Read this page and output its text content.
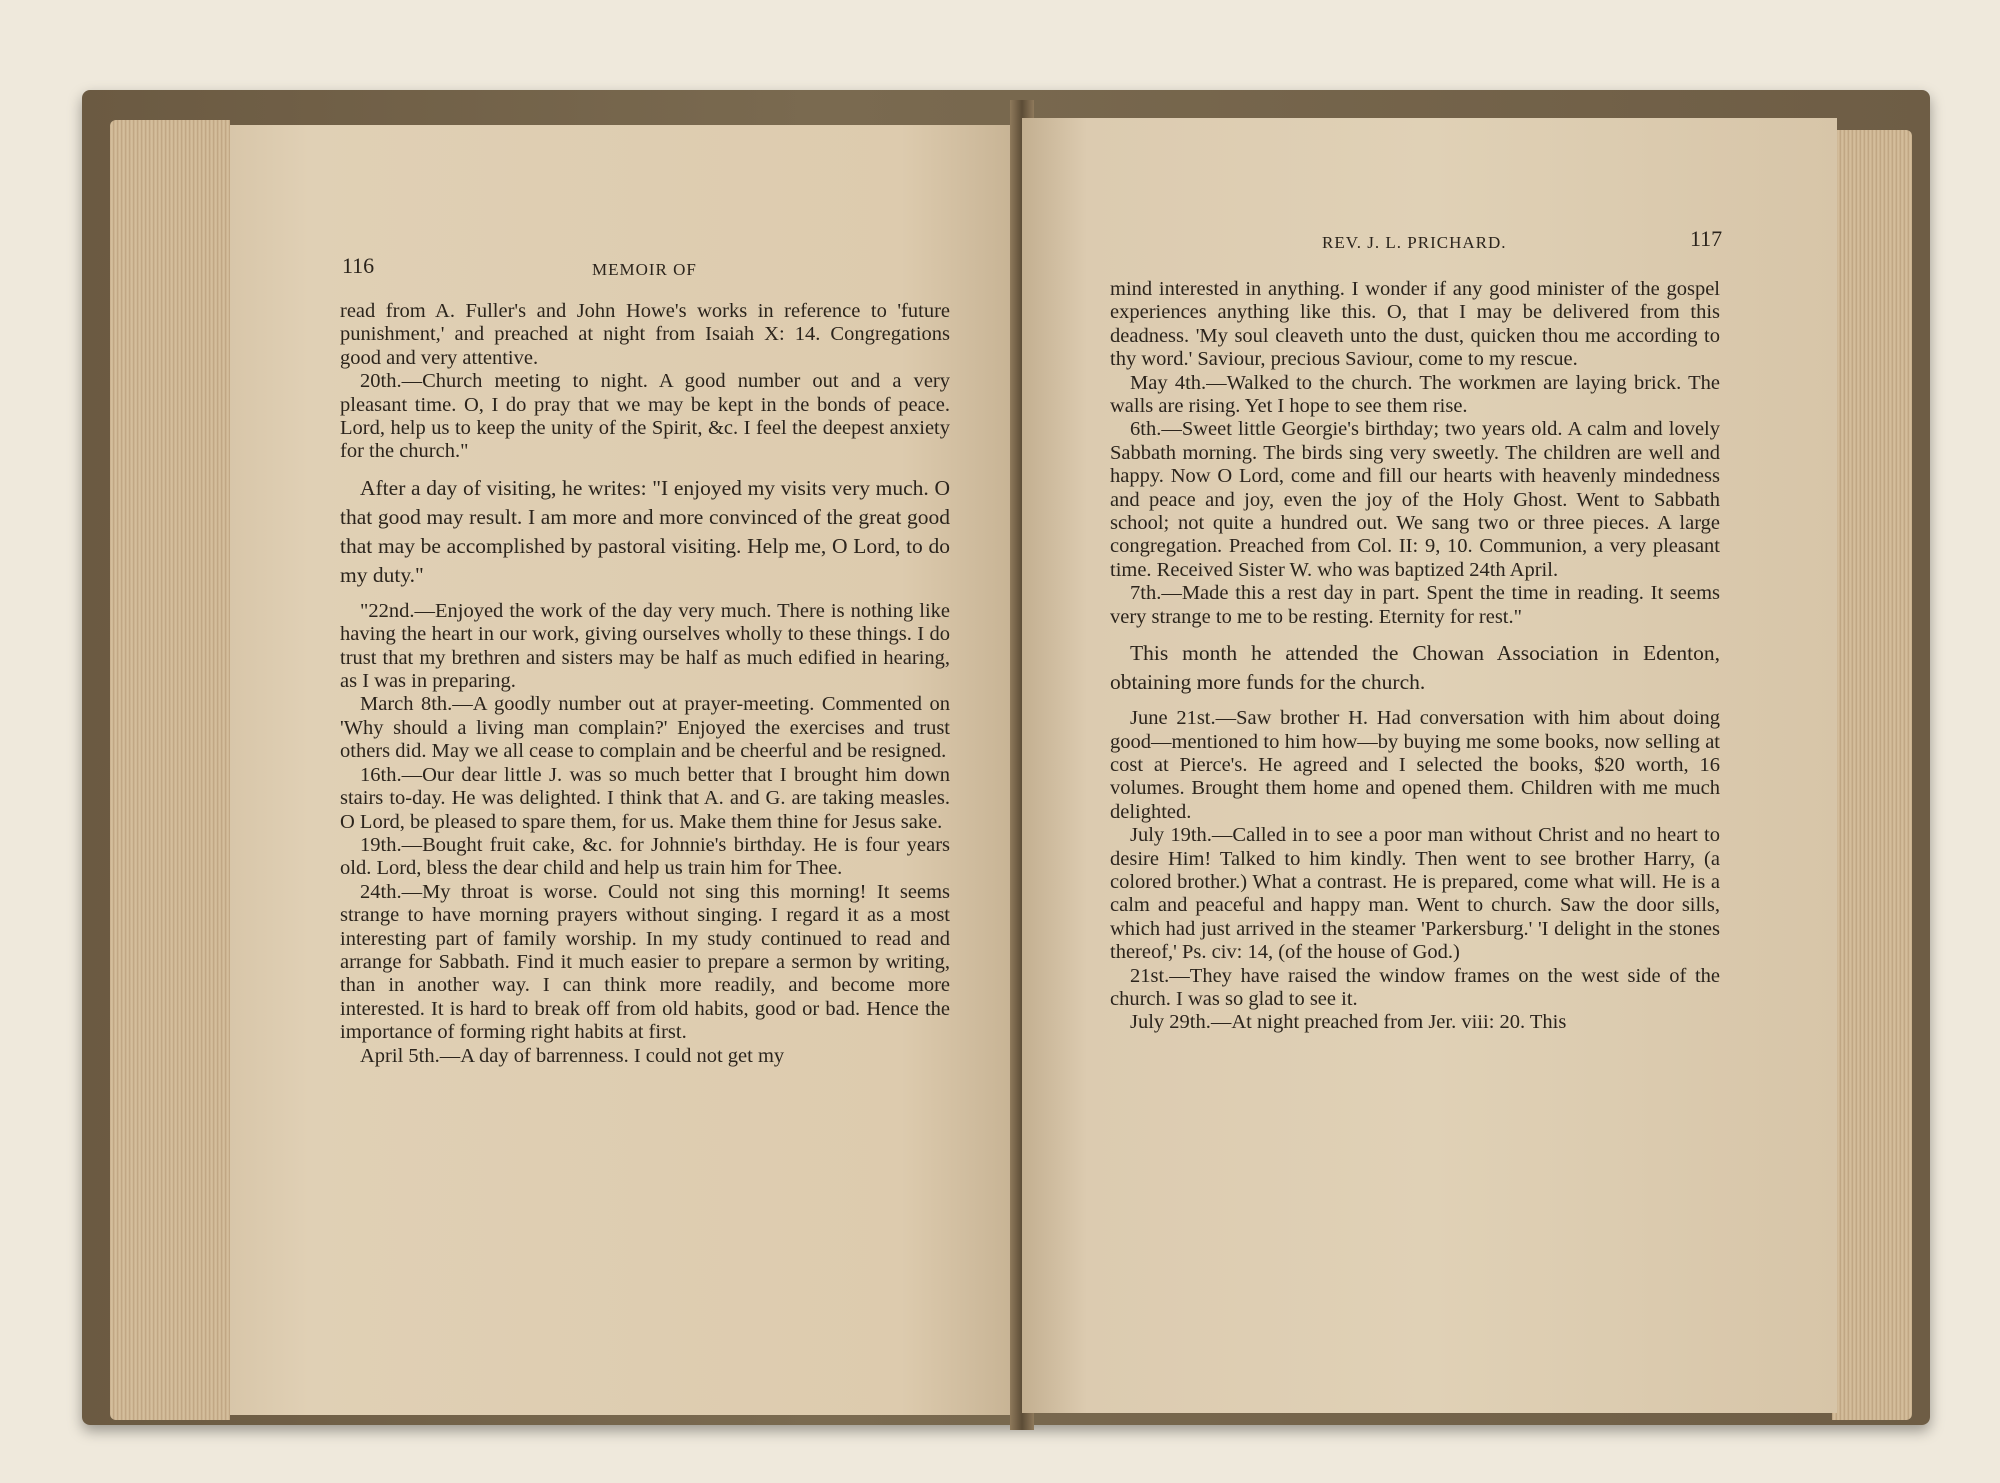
116	MEMOIR OF

read from A. Fuller's and John Howe's works in reference to 'future punishment,' and preached at night from Isaiah X: 14. Congregations good and very attentive.

20th.—Church meeting to night. A good number out and a very pleasant time. O, I do pray that we may be kept in the bonds of peace. Lord, help us to keep the unity of the Spirit, &c. I feel the deepest anxiety for the church."

After a day of visiting, he writes: "I enjoyed my visits very much. O that good may result. I am more and more convinced of the great good that may be accomplished by pastoral visiting. Help me, O Lord, to do my duty."

"22nd.—Enjoyed the work of the day very much. There is nothing like having the heart in our work, giving ourselves wholly to these things. I do trust that my brethren and sisters may be half as much edified in hearing, as I was in preparing.

March 8th.—A goodly number out at prayer-meeting. Commented on 'Why should a living man complain?' Enjoyed the exercises and trust others did. May we all cease to complain and be cheerful and be resigned.

16th.—Our dear little J. was so much better that I brought him down stairs to-day. He was delighted. I think that A. and G. are taking measles. O Lord, be pleased to spare them, for us. Make them thine for Jesus sake.

19th.—Bought fruit cake, &c. for Johnnie's birthday. He is four years old. Lord, bless the dear child and help us train him for Thee.

24th.—My throat is worse. Could not sing this morning! It seems strange to have morning prayers without singing. I regard it as a most interesting part of family worship. In my study continued to read and arrange for Sabbath. Find it much easier to prepare a sermon by writing, than in another way. I can think more readily, and become more interested. It is hard to break off from old habits, good or bad. Hence the importance of forming right habits at first.

April 5th.—A day of barrenness. I could not get my

REV. J. L. PRICHARD.	117

mind interested in anything. I wonder if any good minister of the gospel experiences anything like this. O, that I may be delivered from this deadness. 'My soul cleaveth unto the dust, quicken thou me according to thy word.' Saviour, precious Saviour, come to my rescue.

May 4th.—Walked to the church. The workmen are laying brick. The walls are rising. Yet I hope to see them rise.

6th.—Sweet little Georgie's birthday; two years old. A calm and lovely Sabbath morning. The birds sing very sweetly. The children are well and happy. Now O Lord, come and fill our hearts with heavenly mindedness and peace and joy, even the joy of the Holy Ghost. Went to Sabbath school; not quite a hundred out. We sang two or three pieces. A large congregation. Preached from Col. II: 9, 10. Communion, a very pleasant time. Received Sister W. who was baptized 24th April.

7th.—Made this a rest day in part. Spent the time in reading. It seems very strange to me to be resting. Eternity for rest."

This month he attended the Chowan Association in Edenton, obtaining more funds for the church.

June 21st.—Saw brother H. Had conversation with him about doing good—mentioned to him how—by buying me some books, now selling at cost at Pierce's. He agreed and I selected the books, $20 worth, 16 volumes. Brought them home and opened them. Children with me much delighted.

July 19th.—Called in to see a poor man without Christ and no heart to desire Him! Talked to him kindly. Then went to see brother Harry, (a colored brother.) What a contrast. He is prepared, come what will. He is a calm and peaceful and happy man. Went to church. Saw the door sills, which had just arrived in the steamer 'Parkersburg.' 'I delight in the stones thereof,' Ps. civ: 14, (of the house of God.)

21st.—They have raised the window frames on the west side of the church. I was so glad to see it.

July 29th.—At night preached from Jer. viii: 20. This
